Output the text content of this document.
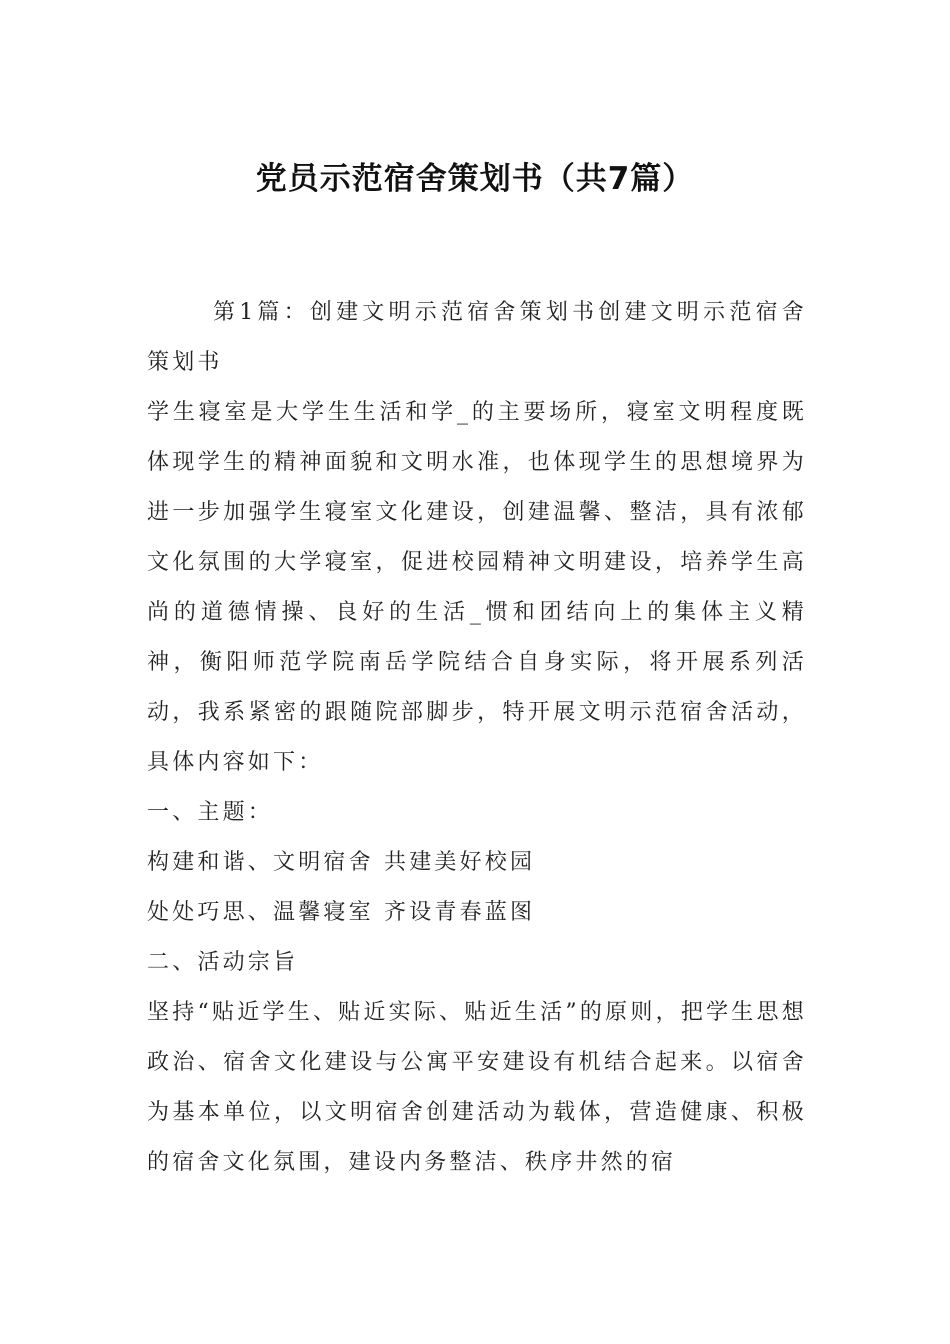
党员示范宿舍策划书（共7篇）

第1篇：创建文明示范宿舍策划书创建文明示范宿舍策划书

学生寝室是大学生生活和学_的主要场所，寝室文明程度既体现学生的精神面貌和文明水准，也体现学生的思想境界为进一步加强学生寝室文化建设，创建温馨、整洁，具有浓郁文化氛围的大学寝室，促进校园精神文明建设，培养学生高尚的道德情操、良好的生活_惯和团结向上的集体主义精神，衡阳师范学院南岳学院结合自身实际，将开展系列活动，我系紧密的跟随院部脚步，特开展文明示范宿舍活动，具体内容如下：

一、主题：

构建和谐、文明宿舍 共建美好校园

处处巧思、温馨寝室 齐设青春蓝图

二、活动宗旨

坚持“贴近学生、贴近实际、贴近生活”的原则，把学生思想政治、宿舍文化建设与公寓平安建设有机结合起来。以宿舍为基本单位，以文明宿舍创建活动为载体，营造健康、积极的宿舍文化氛围，建设内务整洁、秩序井然的宿
